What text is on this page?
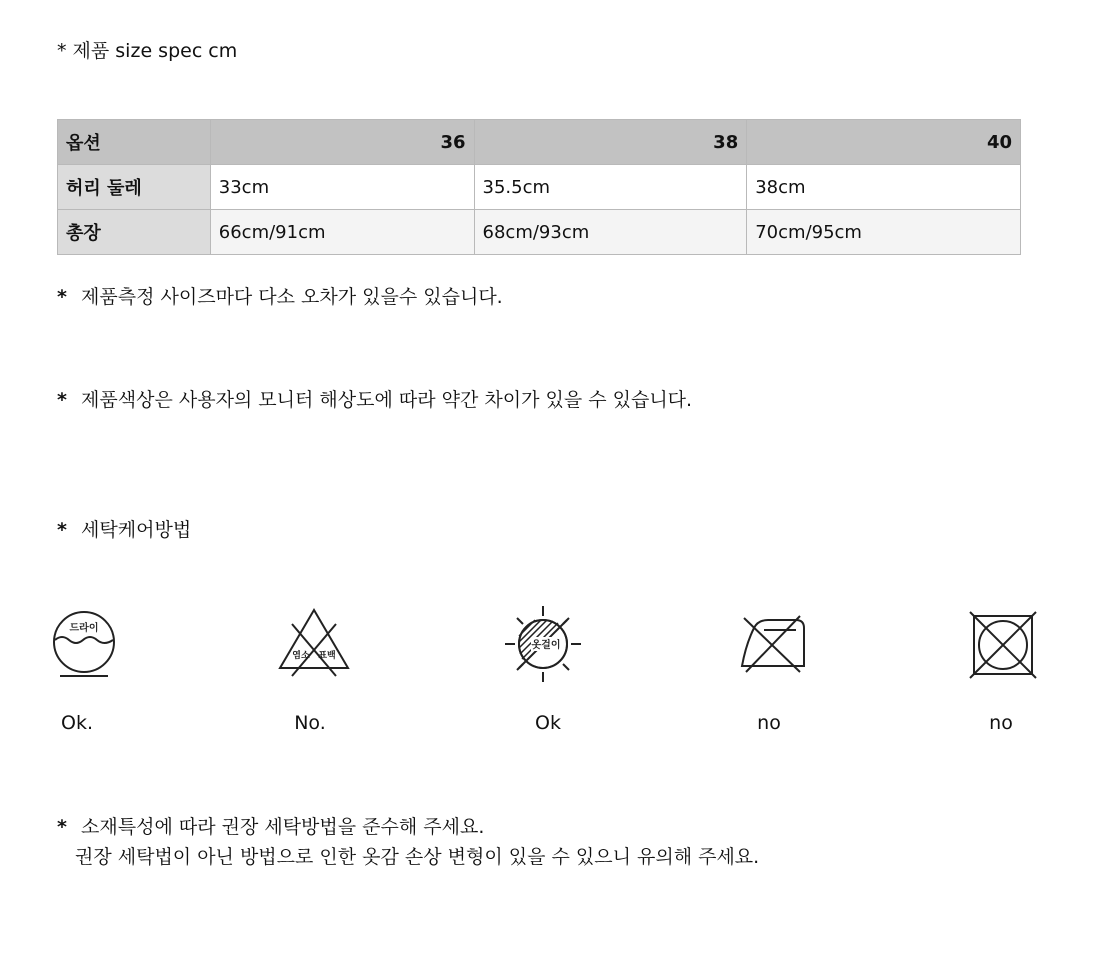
* 제품 size spec cm
옵션	36	38	40
허리 둘레	33cm	35.5cm	38cm
총장	66cm/91cm	68cm/93cm	70cm/95cm
* 제품측정 사이즈마다 다소 오차가 있을수 있습니다.
* 제품색상은 사용자의 모니터 해상도에 따라 약간 차이가 있을 수 있습니다.
* 세탁케어방법
드라이
Ok.
염소 표백
No.
옷걸이
Ok	no	no
* 소재특성에 따라 권장 세탁방법을 준수해 주세요.
권장 세탁법이 아닌 방법으로 인한 옷감 손상 변형이 있을 수 있으니 유의해 주세요.
